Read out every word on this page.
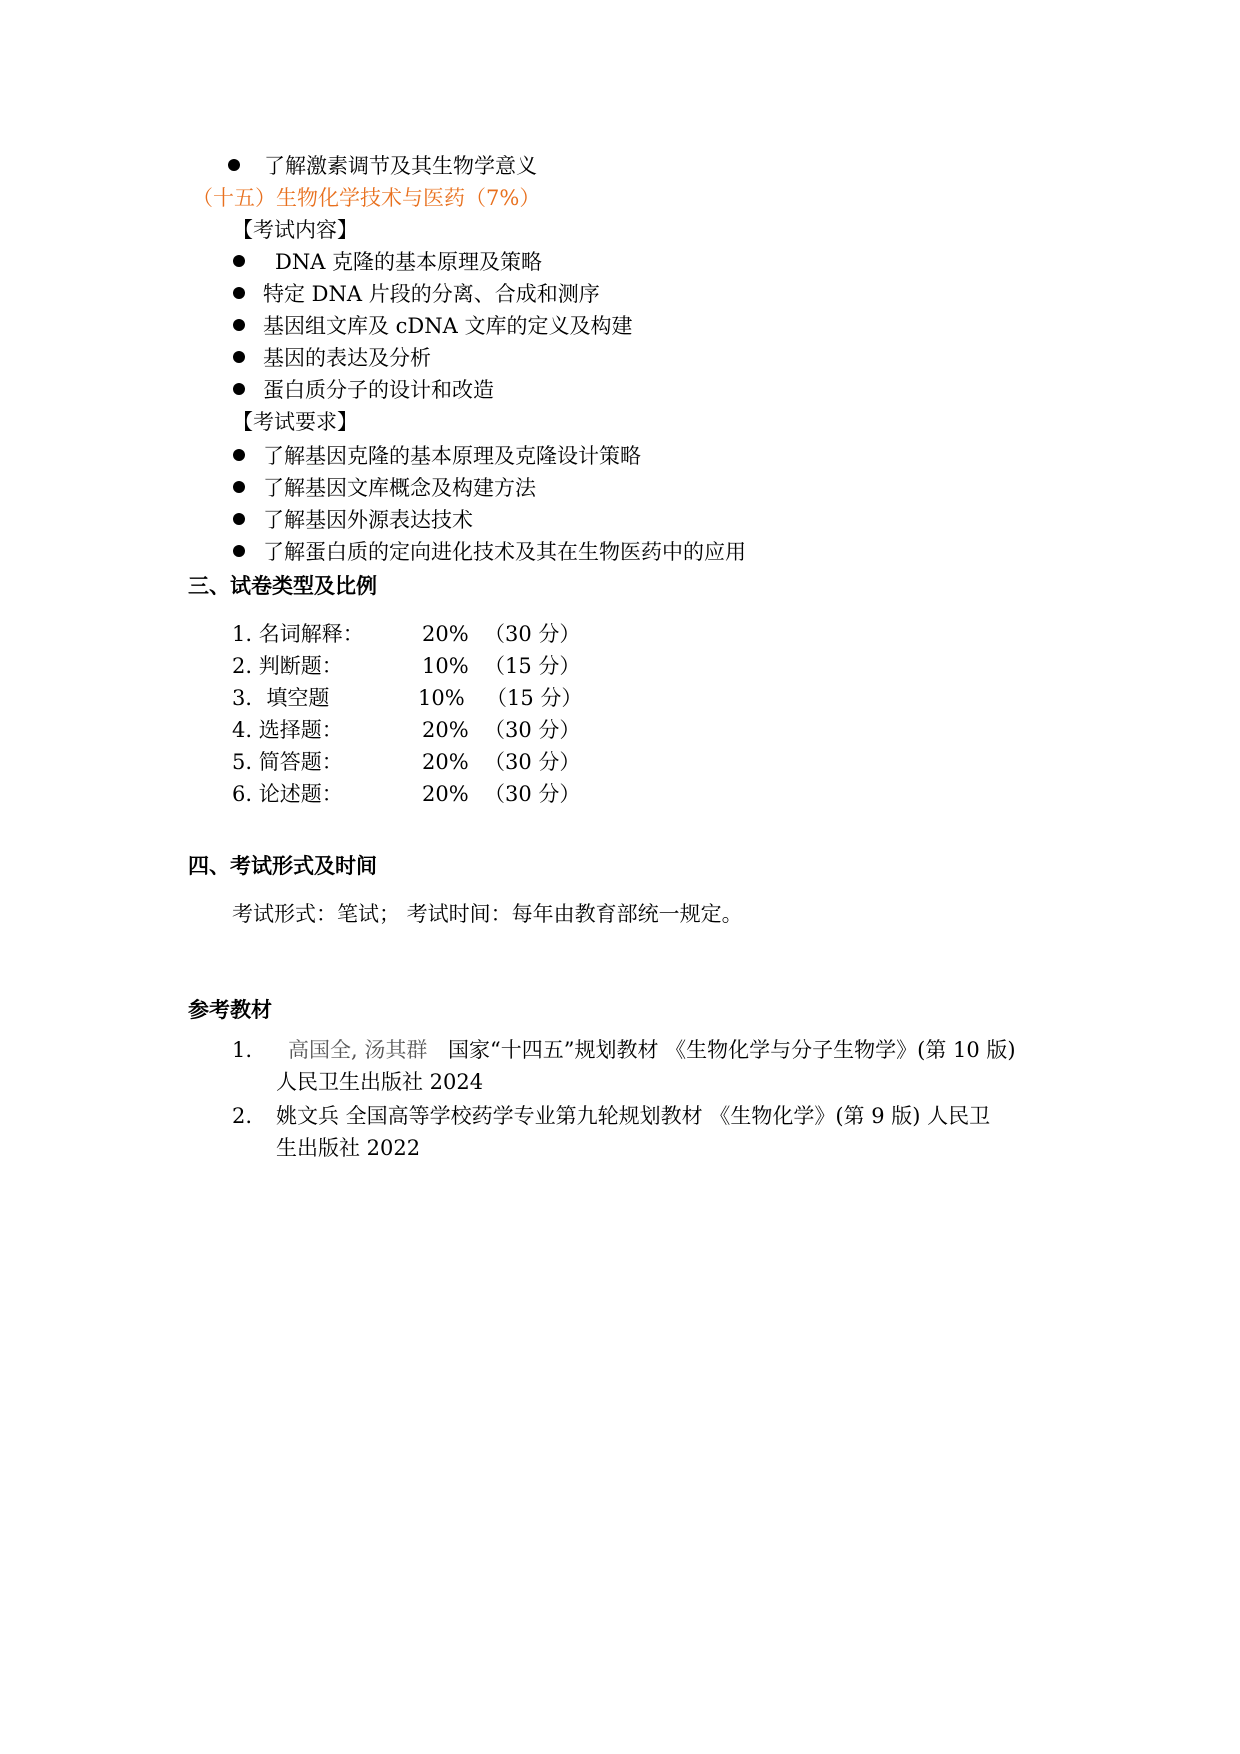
了解激素调节及其生物学意义
（十五）生物化学技术与医药（7%）
【考试内容】
DNA 克隆的基本原理及策略
特定 DNA 片段的分离、合成和测序
基因组文库及 cDNA 文库的定义及构建
基因的表达及分析
蛋白质分子的设计和改造
【考试要求】
了解基因克隆的基本原理及克隆设计策略
了解基因文库概念及构建方法
了解基因外源表达技术
了解蛋白质的定向进化技术及其在生物医药中的应用
三、试卷类型及比例
1. 名词解释：	20% （30 分）
2. 判断题：	10% （15 分）
3．填空题	10% （15 分）
4. 选择题：	20% （30 分）
5. 简答题：	20% （30 分）
6. 论述题：	20% （30 分）
四、考试形式及时间
考试形式：笔试； 考试时间：每年由教育部统一规定。
参考教材
1. 高国全, 汤其群 国家“十四五”规划教材 《生物化学与分子生物学》(第 10 版)
人民卫生出版社 2024
2. 姚文兵 全国高等学校药学专业第九轮规划教材 《生物化学》(第 9 版) 人民卫
生出版社 2022
